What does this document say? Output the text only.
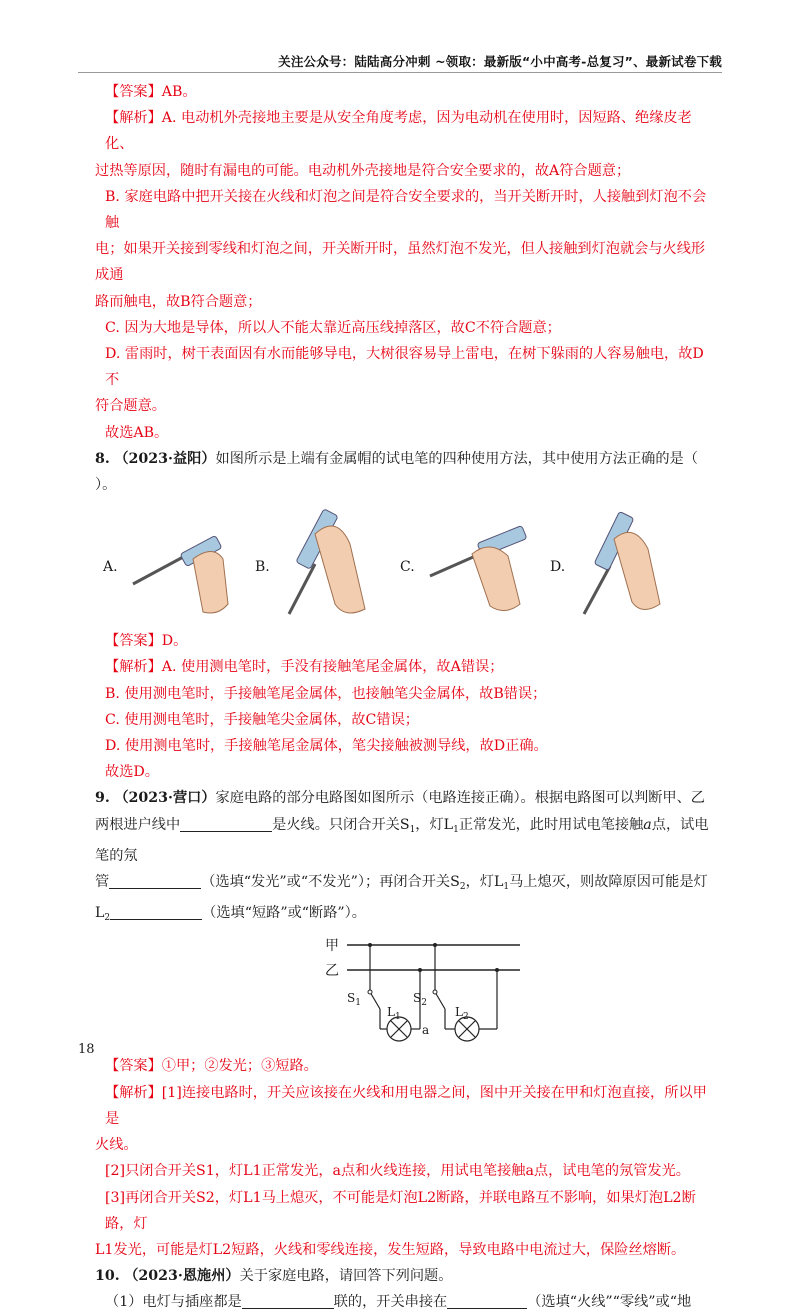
关注公众号：陆陆高分冲刺 ~领取：最新版“小中高考-总复习”、最新试卷下载

【答案】AB。

【解析】A. 电动机外壳接地主要是从安全角度考虑，因为电动机在使用时，因短路、绝缘皮老化、

过热等原因，随时有漏电的可能。电动机外壳接地是符合安全要求的，故A符合题意；

B. 家庭电路中把开关接在火线和灯泡之间是符合安全要求的，当开关断开时，人接触到灯泡不会触

电；如果开关接到零线和灯泡之间，开关断开时，虽然灯泡不发光，但人接触到灯泡就会与火线形成通

路而触电，故B符合题意；

C. 因为大地是导体，所以人不能太靠近高压线掉落区，故C不符合题意；

D. 雷雨时，树干表面因有水而能够导电，大树很容易导上雷电，在树下躲雨的人容易触电，故D不

符合题意。

故选AB。

8. （2023·益阳）如图所示是上端有金属帽的试电笔的四种使用方法，其中使用方法正确的是（

）。

A.	B.	C.	D.

【答案】D。

【解析】A. 使用测电笔时，手没有接触笔尾金属体，故A错误；

B. 使用测电笔时，手接触笔尾金属体，也接触笔尖金属体，故B错误；

C. 使用测电笔时，手接触笔尖金属体，故C错误；

D. 使用测电笔时，手接触笔尾金属体，笔尖接触被测导线，故D正确。

故选D。

9. （2023·营口）家庭电路的部分电路图如图所示（电路连接正确）。根据电路图可以判断甲、乙

两根进户线中	是火线。只闭合开关$S_1$，灯$L_1$正常发光，此时用试电笔接触a点，试电笔的氖

管	（选填“发光”或“不发光”）；再闭合开关$S_2$，灯$L_1$马上熄灭，则故障原因可能是灯

$L_2$	（选填“短路”或“断路”）。

甲
乙
$S_1$
$L_1$
a
$S_2$
$L_2$

【答案】①甲；②发光；③短路。

【解析】[1]连接电路时，开关应该接在火线和用电器之间，图中开关接在甲和灯泡直接，所以甲是

火线。

[2]只闭合开关S1，灯L1正常发光，a点和火线连接，用试电笔接触a点，试电笔的氖管发光。

[3]再闭合开关S2，灯L1马上熄灭，不可能是灯泡L2断路，并联电路互不影响，如果灯泡L2断路，灯

L1发光，可能是灯L2短路，火线和零线连接，发生短路，导致电路中电流过大，保险丝熔断。

10. （2023·恩施州）关于家庭电路，请回答下列问题。

（1）电灯与插座都是	联的，开关串接在	（选填“火线”“零线”或“地

18
